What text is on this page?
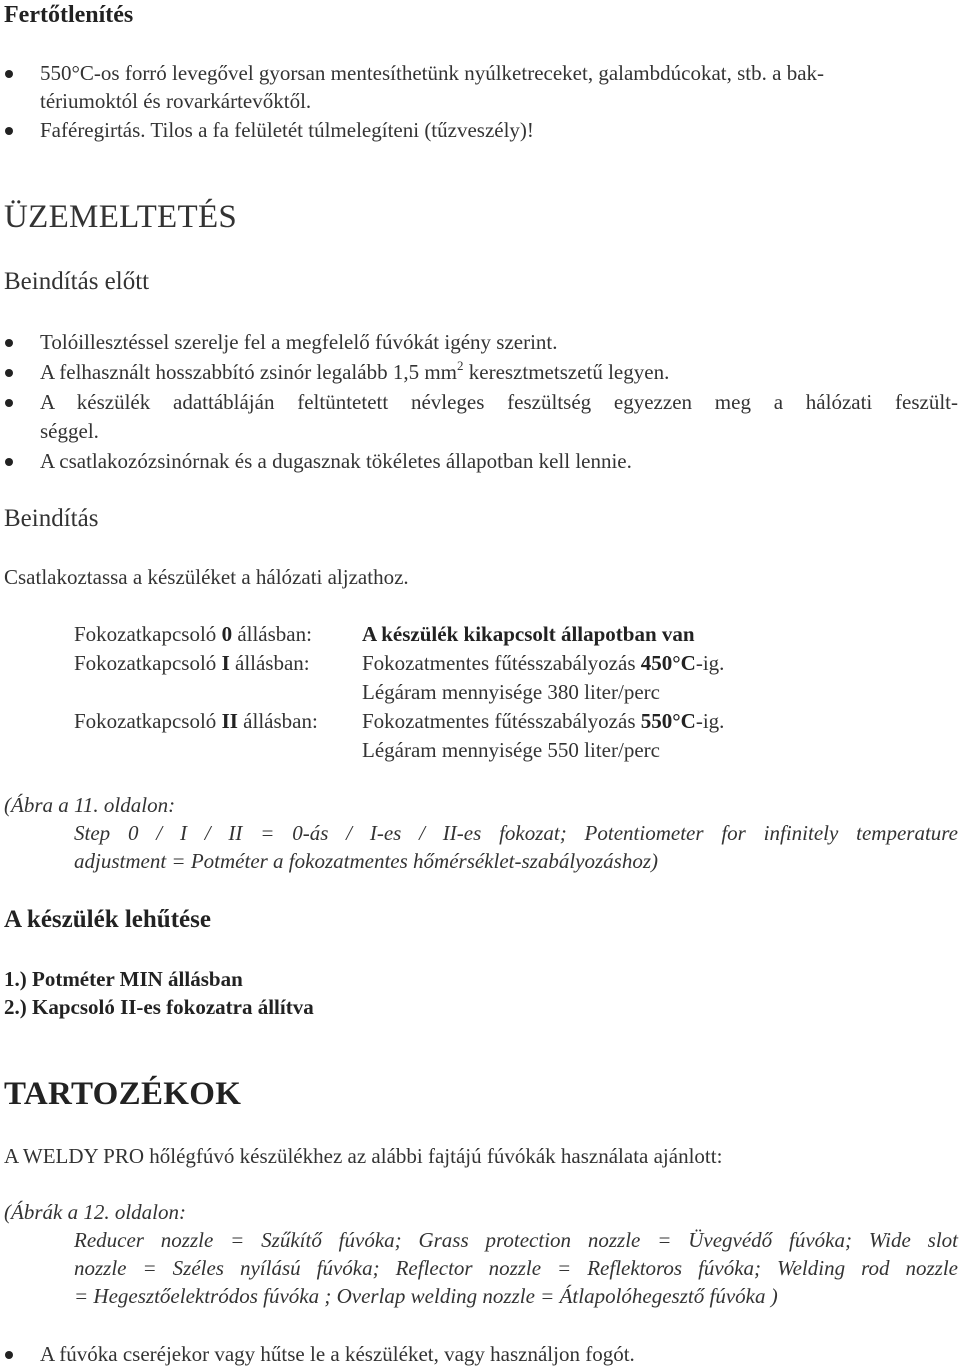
Fertőtlenítés
550°C-os forró levegővel gyorsan mentesíthetünk nyúlketreceket, galambdúcokat, stb. a bak-
tériumoktól és rovarkártevőktől.
Faféregirtás. Tilos a fa felületét túlmelegíteni (tűzveszély)!
ÜZEMELTETÉS
Beindítás előtt
Tolóillesztéssel szerelje fel a megfelelő fúvókát igény szerint.
A felhasznált hosszabbító zsinór legalább 1,5 $mm^2$ keresztmetszetű legyen.
A készülék adattábláján feltüntetett névleges feszültség egyezzen meg a hálózati feszült-
séggel.
A csatlakozózsinórnak és a dugasznak tökéletes állapotban kell lennie.
Beindítás
Csatlakoztassa a készüléket a hálózati aljzathoz.
Fokozatkapcsoló 0 állásban: A készülék kikapcsolt állapotban van
Fokozatkapcsoló I állásban: Fokozatmentes fűtésszabályozás 450°C-ig.
Légáram mennyisége 380 liter/perc
Fokozatkapcsoló II állásban: Fokozatmentes fűtésszabályozás 550°C-ig.
Légáram mennyisége 550 liter/perc
(Ábra a 11. oldalon:
Step 0 / I / II = 0-ás / I-es / II-es fokozat; Potentiometer for infinitely temperature
adjustment = Potméter a fokozatmentes hőmérséklet-szabályozáshoz)
A készülék lehűtése
1.) Potméter MIN állásban
2.) Kapcsoló II-es fokozatra állítva
TARTOZÉKOK
A WELDY PRO hőlégfúvó készülékhez az alábbi fajtájú fúvókák használata ajánlott:
(Ábrák a 12. oldalon:
Reducer nozzle = Szűkítő fúvóka; Grass protection nozzle = Üvegvédő fúvóka; Wide slot
nozzle = Széles nyílású fúvóka; Reflector nozzle = Reflektoros fúvóka; Welding rod nozzle
= Hegesztőelektródos fúvóka ; Overlap welding nozzle = Átlapolóhegesztő fúvóka )
A fúvóka cseréjekor vagy hűtse le a készüléket, vagy használjon fogót.
